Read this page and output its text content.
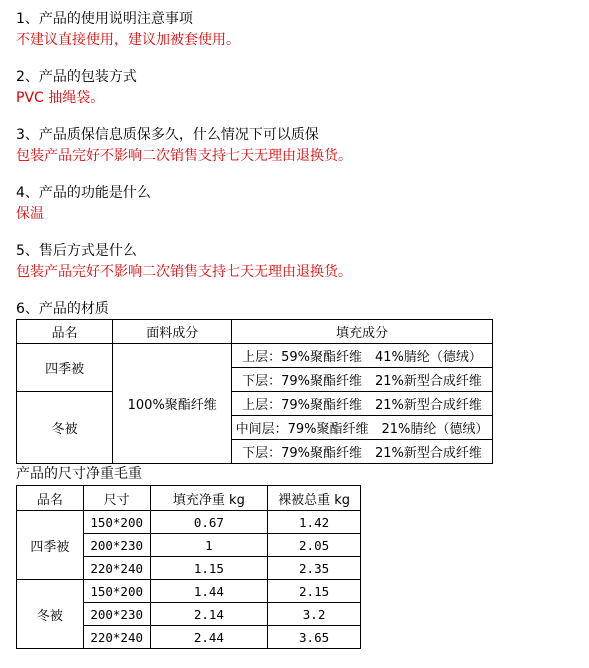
1、产品的使用说明注意事项
不建议直接使用，建议加被套使用。
2、产品的包装方式
PVC 抽绳袋。
3、产品质保信息质保多久，什么情况下可以质保
包装产品完好不影响二次销售支持七天无理由退换货。
4、产品的功能是什么
保温
5、售后方式是什么
包装产品完好不影响二次销售支持七天无理由退换货。
6、产品的材质
品名	面料成分	填充成分
四季被	100%聚酯纤维	上层：59%聚酯纤维　41%腈纶（德绒）
		下层：79%聚酯纤维　21%新型合成纤维
冬被		上层：79%聚酯纤维　21%新型合成纤维
		中间层：79%聚酯纤维　21%腈纶（德绒）
		下层：79%聚酯纤维　21%新型合成纤维
产品的尺寸净重毛重
品名	尺寸	填充净重 kg	裸被总重 kg
四季被	150*200	0.67	1.42
	200*230	1	2.05
	220*240	1.15	2.35
冬被	150*200	1.44	2.15
	200*230	2.14	3.2
	220*240	2.44	3.65
